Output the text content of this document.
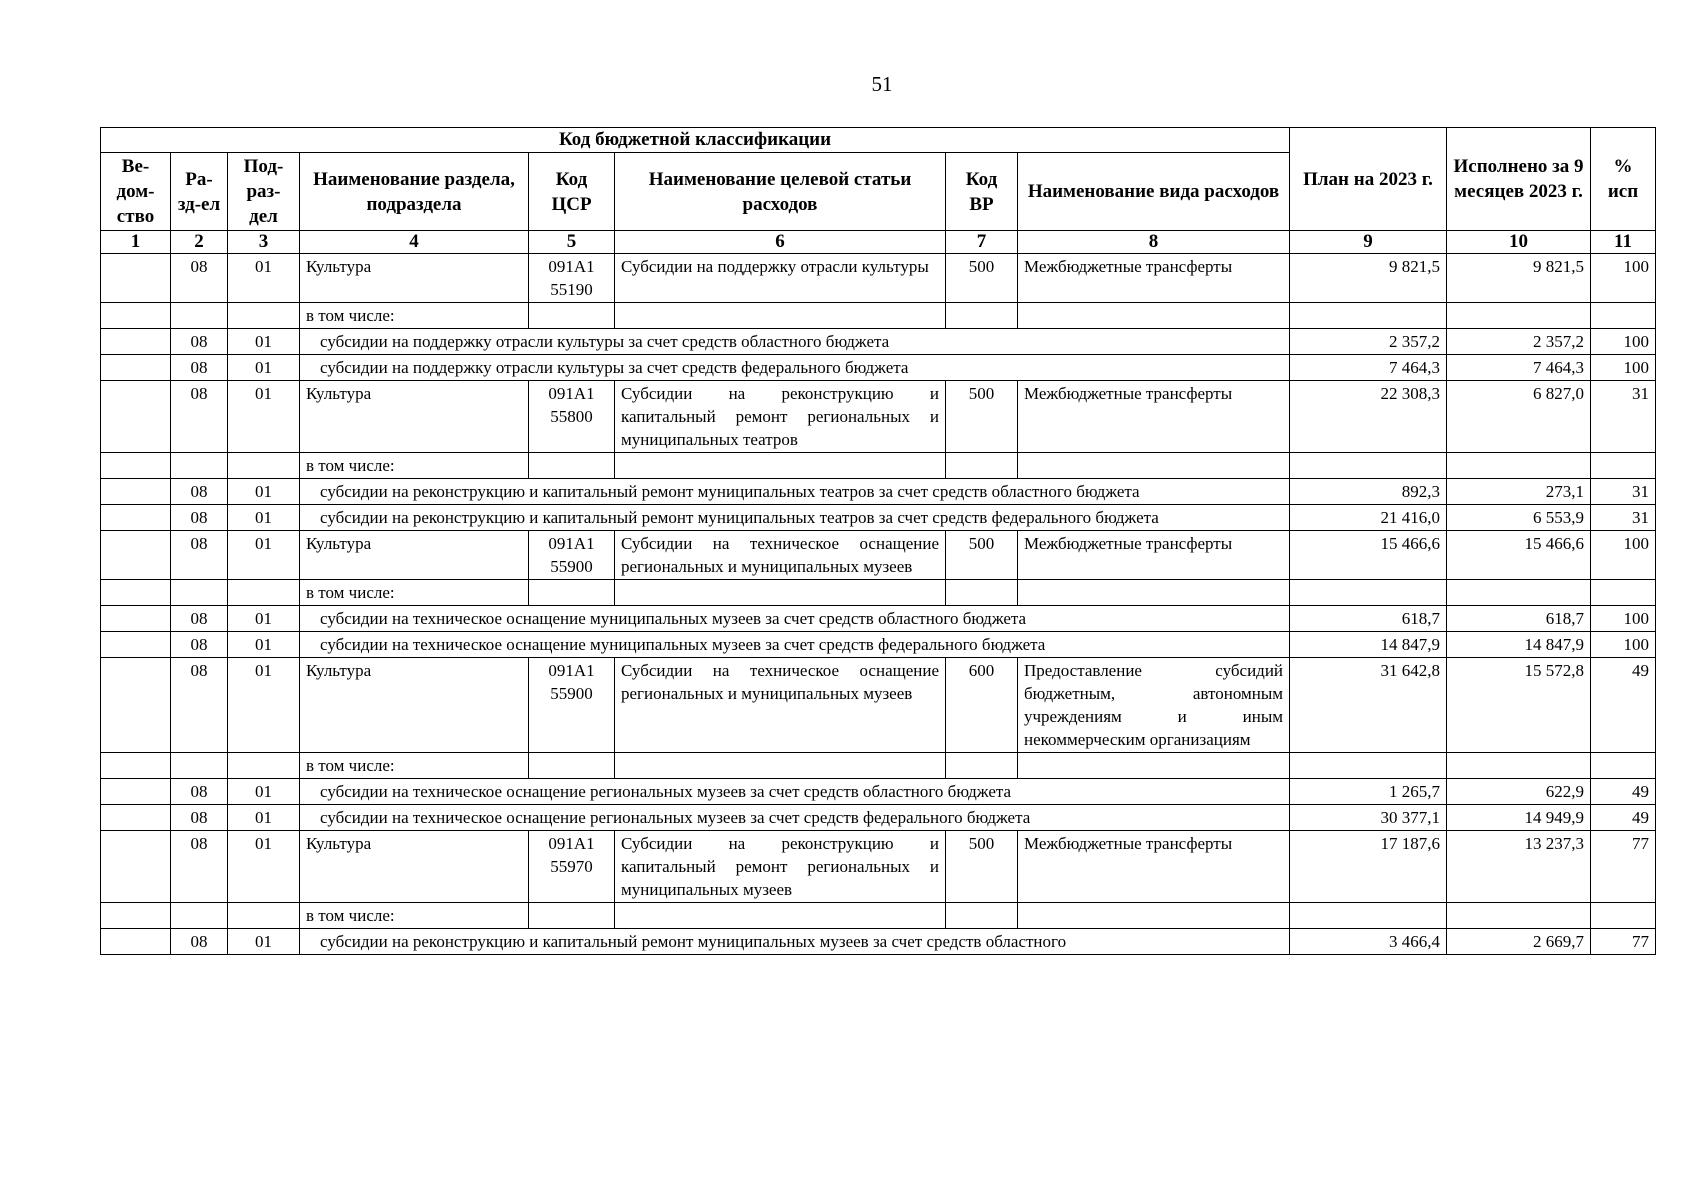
51
Код бюджетной классификации								План на 2023 г.	Исполнено за 9 месяцев 2023 г.	% исп
Ве-дом-ство	Ра-зд-ел	Под-раз-дел	Наименование раздела, подраздела	Код ЦСР	Наименование целевой статьи расходов	Код ВР	Наименование вида расходов			
1	2	3	4	5	6	7	8	9	10	11
	08	01	Культура	091A1 55190	Субсидии на поддержку отрасли культуры	500	Межбюджетные трансферты	9 821,5	9 821,5	100
			в том числе:							
	08	01	субсидии на поддержку отрасли культуры за счет средств областного бюджета					2 357,2	2 357,2	100
	08	01	субсидии на поддержку отрасли культуры за счет средств федерального бюджета					7 464,3	7 464,3	100
	08	01	Культура	091A1 55800	Субсидии на реконструкцию и капитальный ремонт региональных и муниципальных театров	500	Межбюджетные трансферты	22 308,3	6 827,0	31
			в том числе:							
	08	01	субсидии на реконструкцию и капитальный ремонт муниципальных театров за счет средств областного бюджета					892,3	273,1	31
	08	01	субсидии на реконструкцию и капитальный ремонт муниципальных театров за счет средств федерального бюджета					21 416,0	6 553,9	31
	08	01	Культура	091A1 55900	Субсидии на техническое оснащение региональных и муниципальных музеев	500	Межбюджетные трансферты	15 466,6	15 466,6	100
			в том числе:							
	08	01	субсидии на техническое оснащение муниципальных музеев за счет средств областного бюджета					618,7	618,7	100
	08	01	субсидии на техническое оснащение муниципальных музеев за счет средств федерального бюджета					14 847,9	14 847,9	100
	08	01	Культура	091A1 55900	Субсидии на техническое оснащение региональных и муниципальных музеев	600	Предоставление субсидий бюджетным, автономным учреждениям и иным некоммерческим организациям	31 642,8	15 572,8	49
			в том числе:							
	08	01	субсидии на техническое оснащение региональных музеев за счет средств областного бюджета					1 265,7	622,9	49
	08	01	субсидии на техническое оснащение региональных музеев за счет средств федерального бюджета					30 377,1	14 949,9	49
	08	01	Культура	091A1 55970	Субсидии на реконструкцию и капитальный ремонт региональных и муниципальных музеев	500	Межбюджетные трансферты	17 187,6	13 237,3	77
			в том числе:							
	08	01	субсидии на реконструкцию и капитальный ремонт муниципальных музеев за счет средств областного					3 466,4	2 669,7	77
